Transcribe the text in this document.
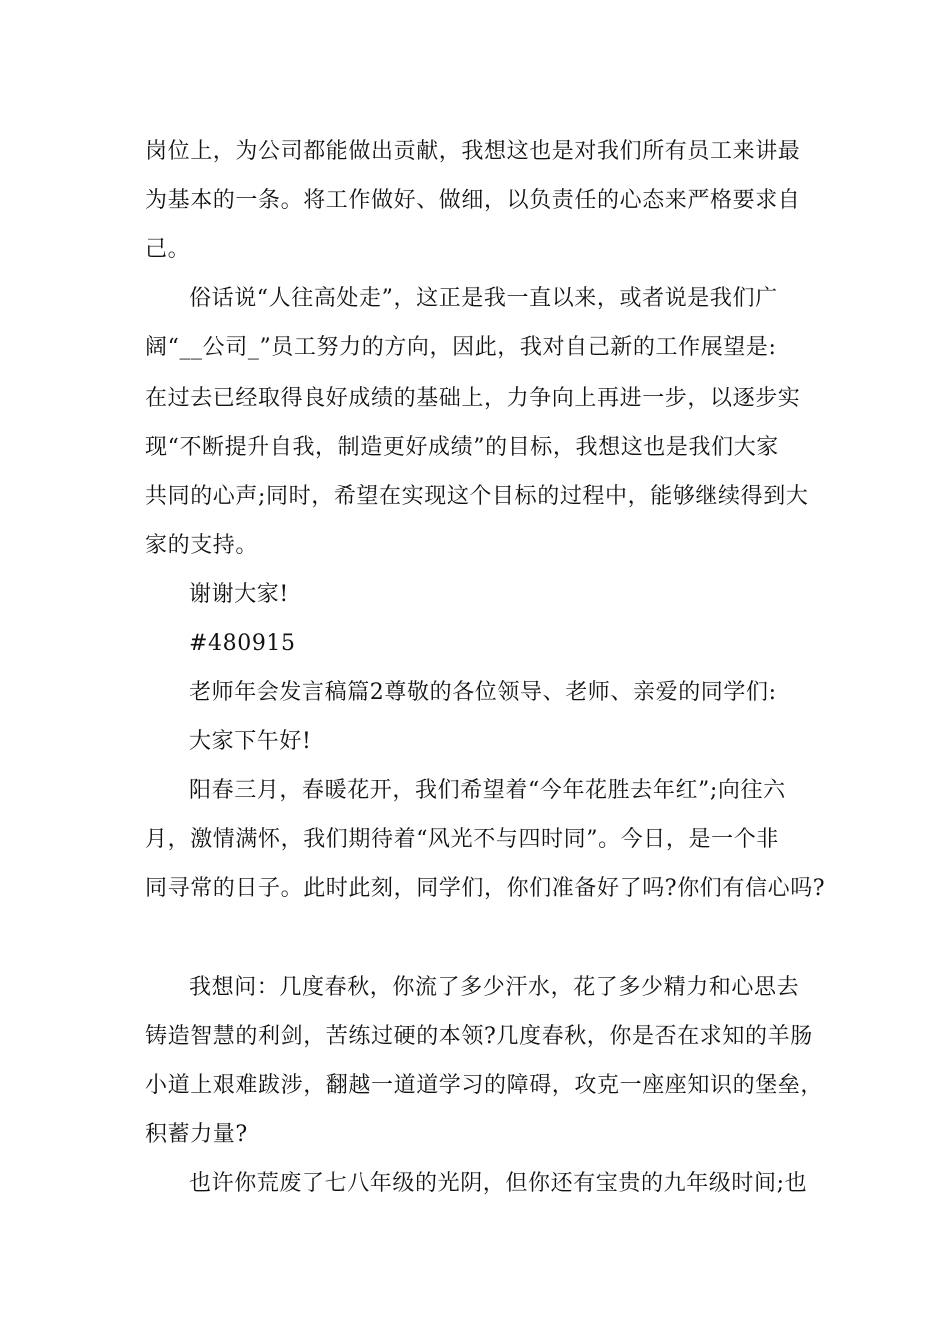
岗位上，为公司都能做出贡献，我想这也是对我们所有员工来讲最
为基本的一条。将工作做好、做细，以负责任的心态来严格要求自
己。
俗话说“人往高处走”，这正是我一直以来，或者说是我们广
阔“__公司_”员工努力的方向，因此，我对自己新的工作展望是:
在过去已经取得良好成绩的基础上，力争向上再进一步，以逐步实
现“不断提升自我，制造更好成绩”的目标，我想这也是我们大家
共同的心声;同时，希望在实现这个目标的过程中，能够继续得到大
家的支持。
谢谢大家!
#480915
老师年会发言稿篇2尊敬的各位领导、老师、亲爱的同学们:
大家下午好!
阳春三月，春暖花开，我们希望着“今年花胜去年红”;向往六
月，激情满怀，我们期待着“风光不与四时同”。今日，是一个非
同寻常的日子。此时此刻，同学们，你们准备好了吗?你们有信心吗?
我想问：几度春秋，你流了多少汗水，花了多少精力和心思去
铸造智慧的利剑，苦练过硬的本领?几度春秋，你是否在求知的羊肠
小道上艰难跋涉，翻越一道道学习的障碍，攻克一座座知识的堡垒，
积蓄力量?
也许你荒废了七八年级的光阴，但你还有宝贵的九年级时间;也
